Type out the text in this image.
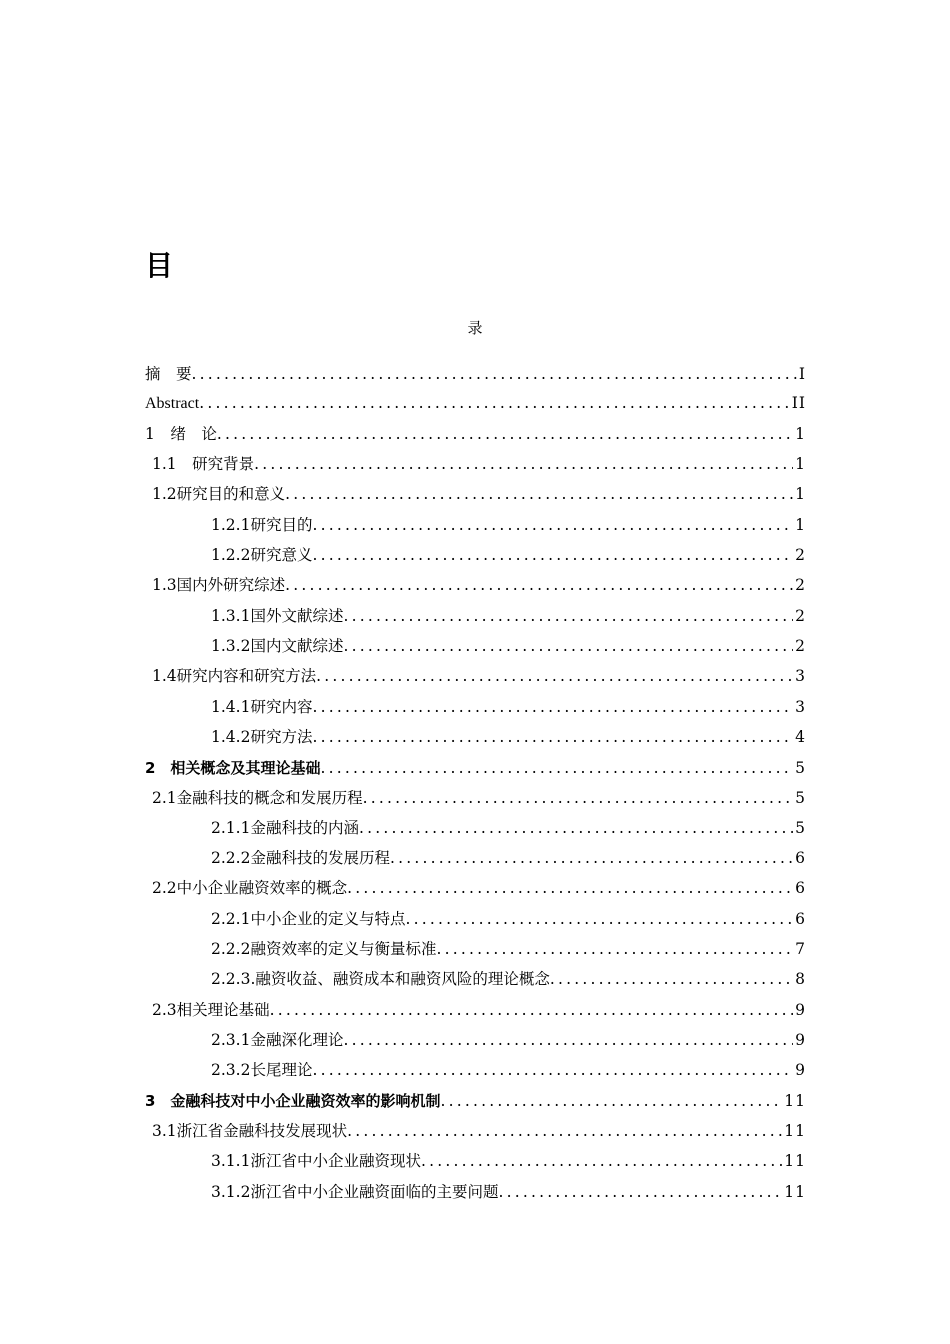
目
录
摘　要 .....	I
Abstract .....	II
1　绪　论 .....	1
1.1　研究背景 .....	1
1.2研究目的和意义 .....	1
1.2.1研究目的 .....	1
1.2.2研究意义 .....	2
1.3国内外研究综述 .....	2
1.3.1国外文献综述 .....	2
1.3.2国内文献综述 .....	2
1.4研究内容和研究方法 .....	3
1.4.1研究内容 .....	3
1.4.2研究方法 .....	4
2　相关概念及其理论基础 .....	5
2.1金融科技的概念和发展历程 .....	5
2.1.1金融科技的内涵 .....	5
2.2.2金融科技的发展历程 .....	6
2.2中小企业融资效率的概念 .....	6
2.2.1中小企业的定义与特点 .....	6
2.2.2融资效率的定义与衡量标准 .....	7
2.2.3.融资收益、融资成本和融资风险的理论概念 .....	8
2.3相关理论基础 .....	9
2.3.1金融深化理论 .....	9
2.3.2长尾理论 .....	9
3　金融科技对中小企业融资效率的影响机制 .....	11
3.1浙江省金融科技发展现状 .....	11
3.1.1浙江省中小企业融资现状 .....	11
3.1.2浙江省中小企业融资面临的主要问题 .....	11
